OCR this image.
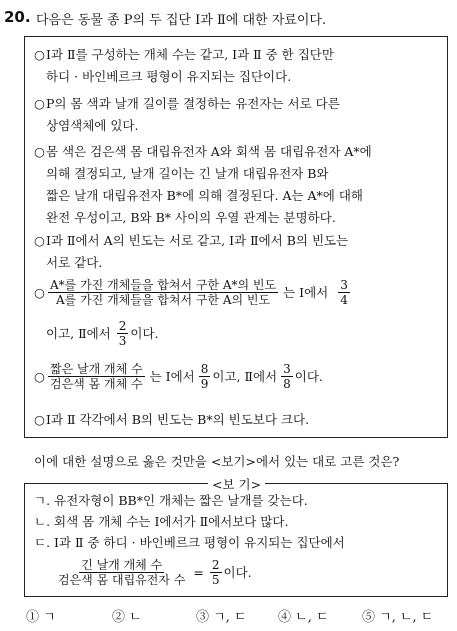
20. 다음은 동물 종 P의 두 집단 Ⅰ과 Ⅱ에 대한 자료이다.
○Ⅰ과 Ⅱ를 구성하는 개체 수는 같고, Ⅰ과 Ⅱ 중 한 집단만
하디 · 바인베르크 평형이 유지되는 집단이다.
○P의 몸 색과 날개 길이를 결정하는 유전자는 서로 다른
상염색체에 있다.
○몸 색은 검은색 몸 대립유전자 A와 회색 몸 대립유전자 A*에
의해 결정되고, 날개 길이는 긴 날개 대립유전자 B와
짧은 날개 대립유전자 B*에 의해 결정된다. A는 A*에 대해
완전 우성이고, B와 B* 사이의 우열 관계는 분명하다.
○Ⅰ과 Ⅱ에서 A의 빈도는 서로 같고, Ⅰ과 Ⅱ에서 B의 빈도는
서로 같다.
○ $\frac{\text{A*를 가진 개체들을 합쳐서 구한 A*의 빈도}}{\text{A를 가진 개체들을 합쳐서 구한 A의 빈도}}$ 는 Ⅰ에서 $\frac{3}{4}$
이고, Ⅱ에서 $\frac{2}{3}$ 이다.
○ $\frac{\text{짧은 날개 개체 수}}{\text{검은색 몸 개체 수}}$ 는 Ⅰ에서 $\frac{8}{9}$ 이고, Ⅱ에서 $\frac{3}{8}$ 이다.
○Ⅰ과 Ⅱ 각각에서 B의 빈도는 B*의 빈도보다 크다.
이에 대한 설명으로 옳은 것만을 <보기>에서 있는 대로 고른 것은?
<보 기>
ㄱ. 유전자형이 BB*인 개체는 짧은 날개를 갖는다.
ㄴ. 회색 몸 개체 수는 Ⅰ에서가 Ⅱ에서보다 많다.
ㄷ. Ⅰ과 Ⅱ 중 하디 · 바인베르크 평형이 유지되는 집단에서
$\frac{\text{긴 날개 개체 수}}{\text{검은색 몸 대립유전자 수}} = \frac{2}{5}$ 이다.
① ㄱ	② ㄴ	③ ㄱ, ㄷ ④ ㄴ, ㄷ	⑤ ㄱ, ㄴ, ㄷ
